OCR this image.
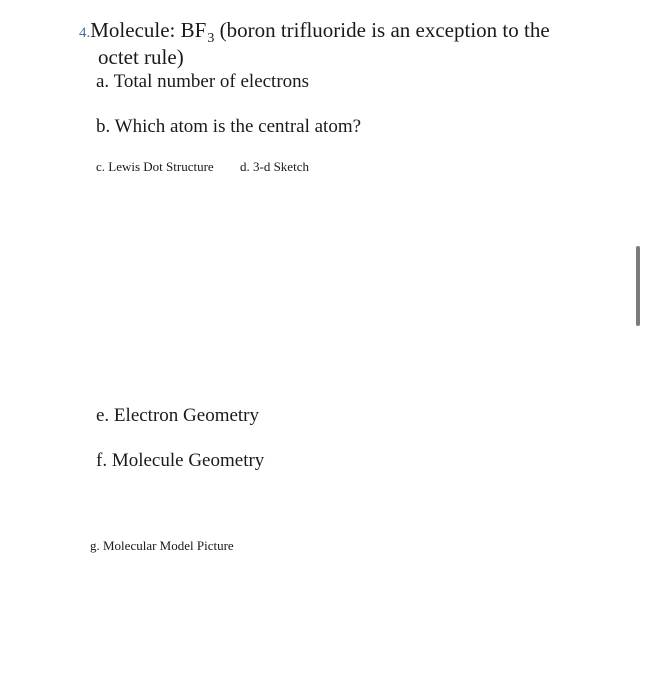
4.Molecule: $BF_3$ (boron trifluoride is an exception to the
octet rule)
a. Total number of electrons
b. Which atom is the central atom?
c. Lewis Dot Structure d. 3-d Sketch
e. Electron Geometry
f. Molecule Geometry
g. Molecular Model Picture
